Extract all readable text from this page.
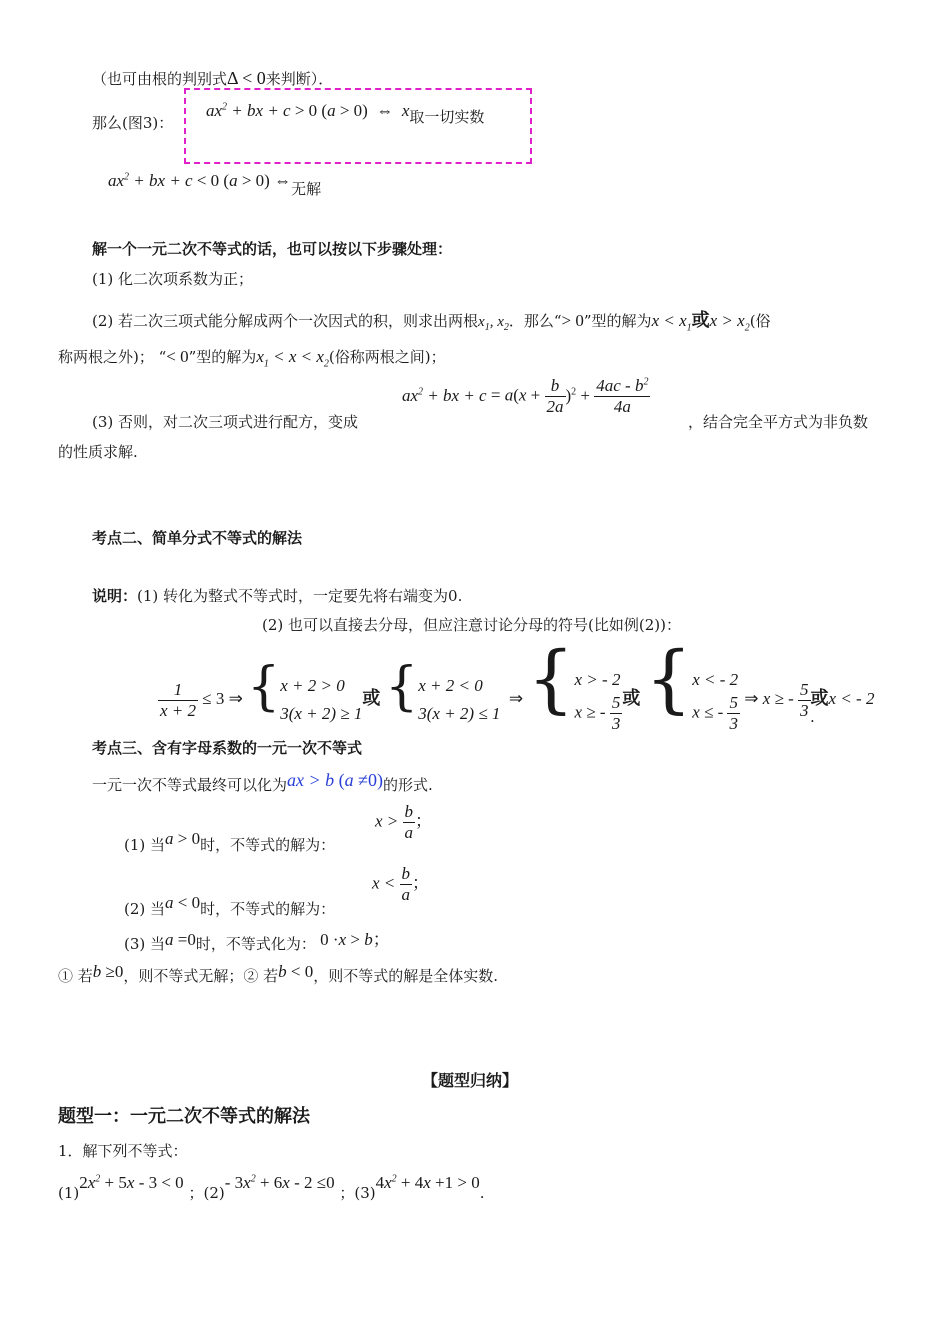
（也可由根的判别式Δ < 0来判断）．
那么(图3)：
$ax^2$ + bx + c > 0 (a > 0)  ⇔  x取一切实数
$ax^2$ + bx + c < 0 (a > 0) ⇔无解
解一个一元二次不等式的话，也可以按以下步骤处理：
(1) 化二次项系数为正；
(2) 若二次三项式能分解成两个一次因式的积，则求出两根$x_1$, $x_2$．那么“> 0”型的解为$x < x_1$或$x > x_2$(俗
称两根之外)； “< 0”型的解为$x_1 < x < x_2$(俗称两根之间)；
(3) 否则，对二次三项式进行配方，变成
$ax^2$ + bx + $c = a(x + \frac{b}{2a} )^2 + \frac{4ac - b^2}{4a}$
，结合完全平方式为非负数
的性质求解.
考点二、简单分式不等式的解法
说明：(1) 转化为整式不等式时，一定要先将右端变为0.
(2) 也可以直接去分母，但应注意讨论分母的符号(比如例(2))：
$\frac{1}{x + 2} \le 3$ ⇒ { x + 2 > 0
3(x + 2) ≥ 1
或 { x + 2 < 0
3(x + 2) ≤ 1
⇒ { x > - 2
x ≥ - $\frac{5}{3}$ 或 { x < - 2
x ≤ - $\frac{5}{3}$ ⇒ x ≥ - $\frac{5}{3}$ 或x < - 2
.
考点三、含有字母系数的一元一次不等式
一元一次不等式最终可以化为ax > b (a ≠0)的形式.
(1) 当a > 0时，不等式的解为：
$x > \frac{b}{a}$ ；
(2) 当a < 0时，不等式的解为：
$x < \frac{b}{a}$ ；
(3) 当a =0时，不等式化为： 0 ·x > b；
① 若b ≥0，则不等式无解；② 若b < 0，则不等式的解是全体实数.
【题型归纳】
题型一：一元二次不等式的解法
1．解下列不等式：
$(1)2x^2 + 5x - 3 < 0$ ；(2)- $3x^2 + 6x - 2 \le 0$ ；$(3)4x^2 + 4x +1 > 0$.
